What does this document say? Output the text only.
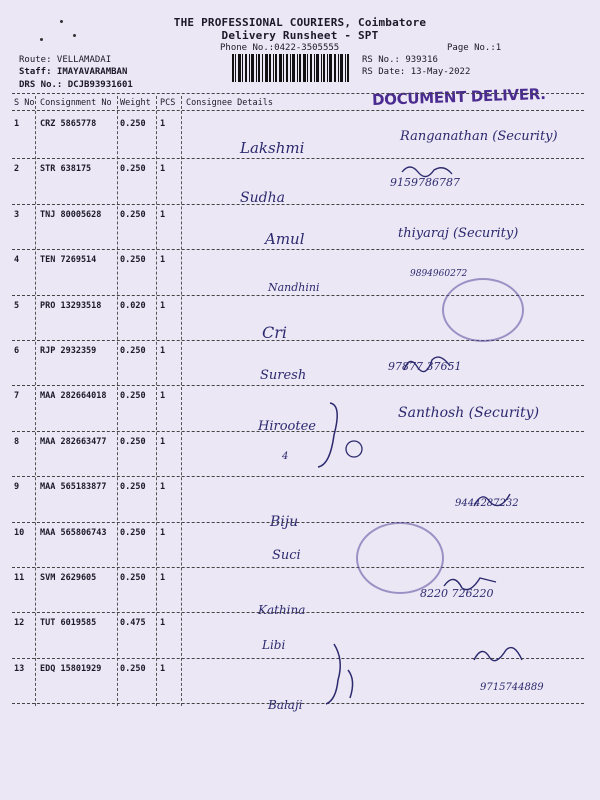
THE PROFESSIONAL COURIERS, Coimbatore
Delivery Runsheet - SPT
Phone No.:0422-3505555	Page No.:1
Route: VELLAMADAI
Staff: IMAYAVARAMBAN
DRS No.: DCJB93931601
RS No.: 939316
RS Date: 13-May-2022
DOCUMENT DELIVER.
S No Consignment No Weight PCS Consignee Details
1 CRZ 5865778	0.250 1
Lakshmi
Ranganathan (Security)
2 STR 638175	0.250 1
Sudha
9159786787
3 TNJ 80005628 0.250 1
Amul	thiyaraj (Security)
4 TEN 7269514	0.250 1
Nandhini
9894960272
5 PRO 13293518 0.020 1
Cri
6 RJP 2932359	0.250 1
Suresh
97877 37651
7 MAA 282664018 0.250 1
Hirootee
Santhosh (Security)
8 MAA 282663477 0.250 1
4
9 MAA 565183877 0.250 1
Biju
9444287232
10 MAA 565806743 0.250 1
Suci
11 SVM 2629605	0.250 1
Kathina
8220 726220
12 TUT 6019585	0.475 1
Libi
13 EDQ 15801929 0.250 1
Balaji
9715744889
